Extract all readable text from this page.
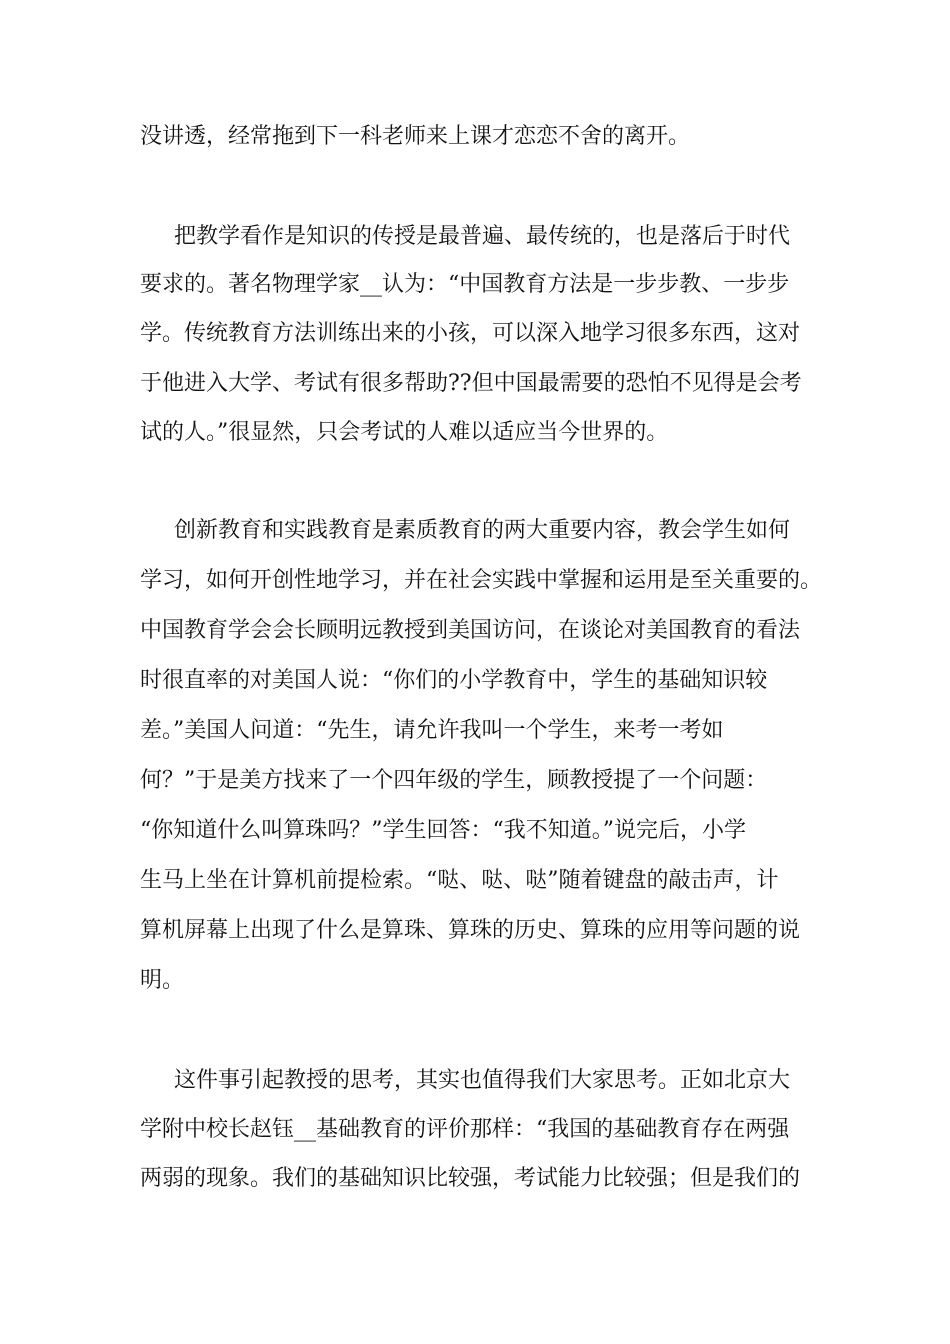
没讲透，经常拖到下一科老师来上课才恋恋不舍的离开。
把教学看作是知识的传授是最普遍、最传统的，也是落后于时代
要求的。著名物理学家__认为：“中国教育方法是一步步教、一步步
学。传统教育方法训练出来的小孩，可以深入地学习很多东西，这对
于他进入大学、考试有很多帮助??但中国最需要的恐怕不见得是会考
试的人。”很显然，只会考试的人难以适应当今世界的。
创新教育和实践教育是素质教育的两大重要内容，教会学生如何
学习，如何开创性地学习，并在社会实践中掌握和运用是至关重要的。
中国教育学会会长顾明远教授到美国访问，在谈论对美国教育的看法
时很直率的对美国人说：“你们的小学教育中，学生的基础知识较
差。”美国人问道：“先生，请允许我叫一个学生，来考一考如
何？”于是美方找来了一个四年级的学生，顾教授提了一个问题：
“你知道什么叫算珠吗？”学生回答：“我不知道。”说完后，小学
生马上坐在计算机前提检索。“哒、哒、哒”随着键盘的敲击声，计
算机屏幕上出现了什么是算珠、算珠的历史、算珠的应用等问题的说
明。
这件事引起教授的思考，其实也值得我们大家思考。正如北京大
学附中校长赵钰__基础教育的评价那样：“我国的基础教育存在两强
两弱的现象。我们的基础知识比较强，考试能力比较强；但是我们的
